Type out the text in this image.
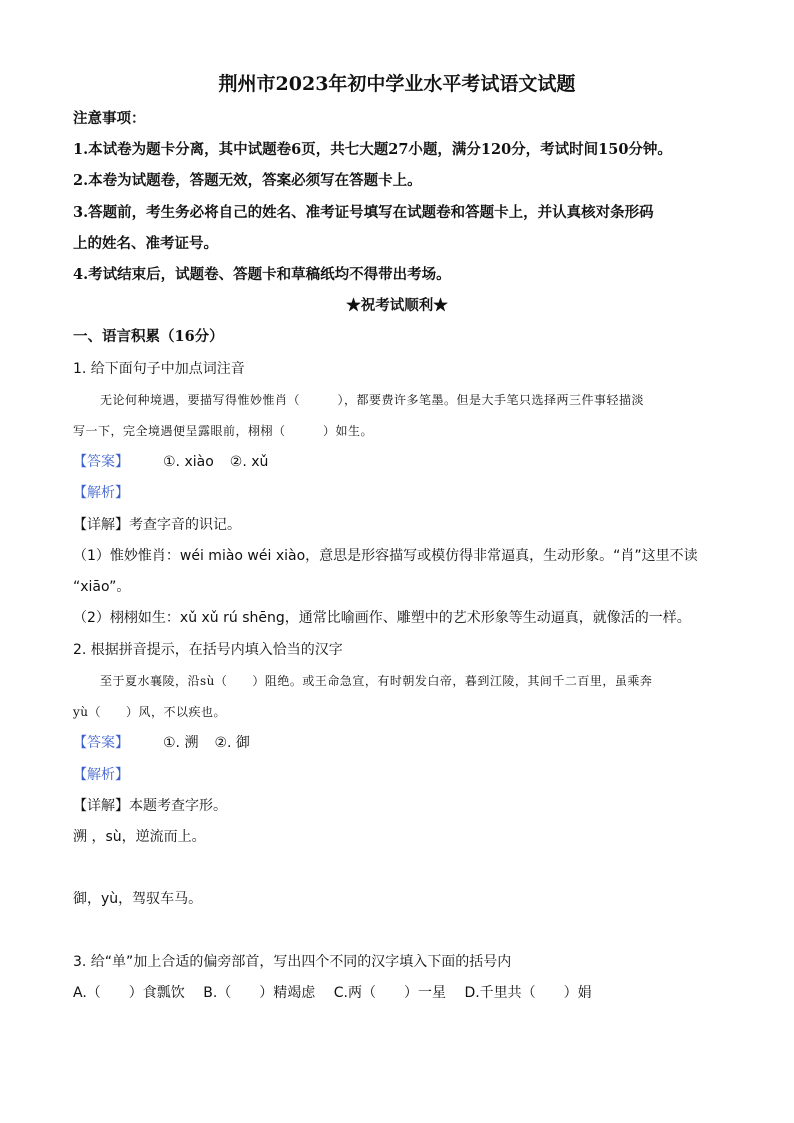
荆州市2023年初中学业水平考试语文试题
注意事项：
1.本试卷为题卡分离，其中试题卷6页，共七大题27小题，满分120分，考试时间150分钟。
2.本卷为试题卷，答题无效，答案必须写在答题卡上。
3.答题前，考生务必将自己的姓名、准考证号填写在试题卷和答题卡上，并认真核对条形码
上的姓名、准考证号。
4.考试结束后，试题卷、答题卡和草稿纸均不得带出考场。
★祝考试顺利★
一、语言积累（16分）
1. 给下面句子中加点词注音
无论何种境遇，要描写得惟妙惟肖（　　　），都要费许多笔墨。但是大手笔只选择两三件事轻描淡
写一下，完全境遇便呈露眼前，栩栩（　　　）如生。
【答案】 ①. xiào ②. xǔ
【解析】
【详解】考查字音的识记。
（1）惟妙惟肖：wéi miào wéi xiào，意思是形容描写或模仿得非常逼真，生动形象。“肖”这里不读
“xiāo”。
（2）栩栩如生：xǔ xǔ rú shēng，通常比喻画作、雕塑中的艺术形象等生动逼真，就像活的一样。
2. 根据拼音提示，在括号内填入恰当的汉字
至于夏水襄陵，沿sù（　　）阻绝。或王命急宣，有时朝发白帝，暮到江陵，其间千二百里，虽乘奔
yù（　　）风，不以疾也。
【答案】 ①. 溯 ②. 御
【解析】
【详解】本题考查字形。
溯 ，sù，逆流而上。
御，yù，驾驭车马。
3. 给“单”加上合适的偏旁部首，写出四个不同的汉字填入下面的括号内
A.（　　）食瓢饮 B.（　　）精竭虑 C.两（　　）一星 D.千里共（　　）娟
